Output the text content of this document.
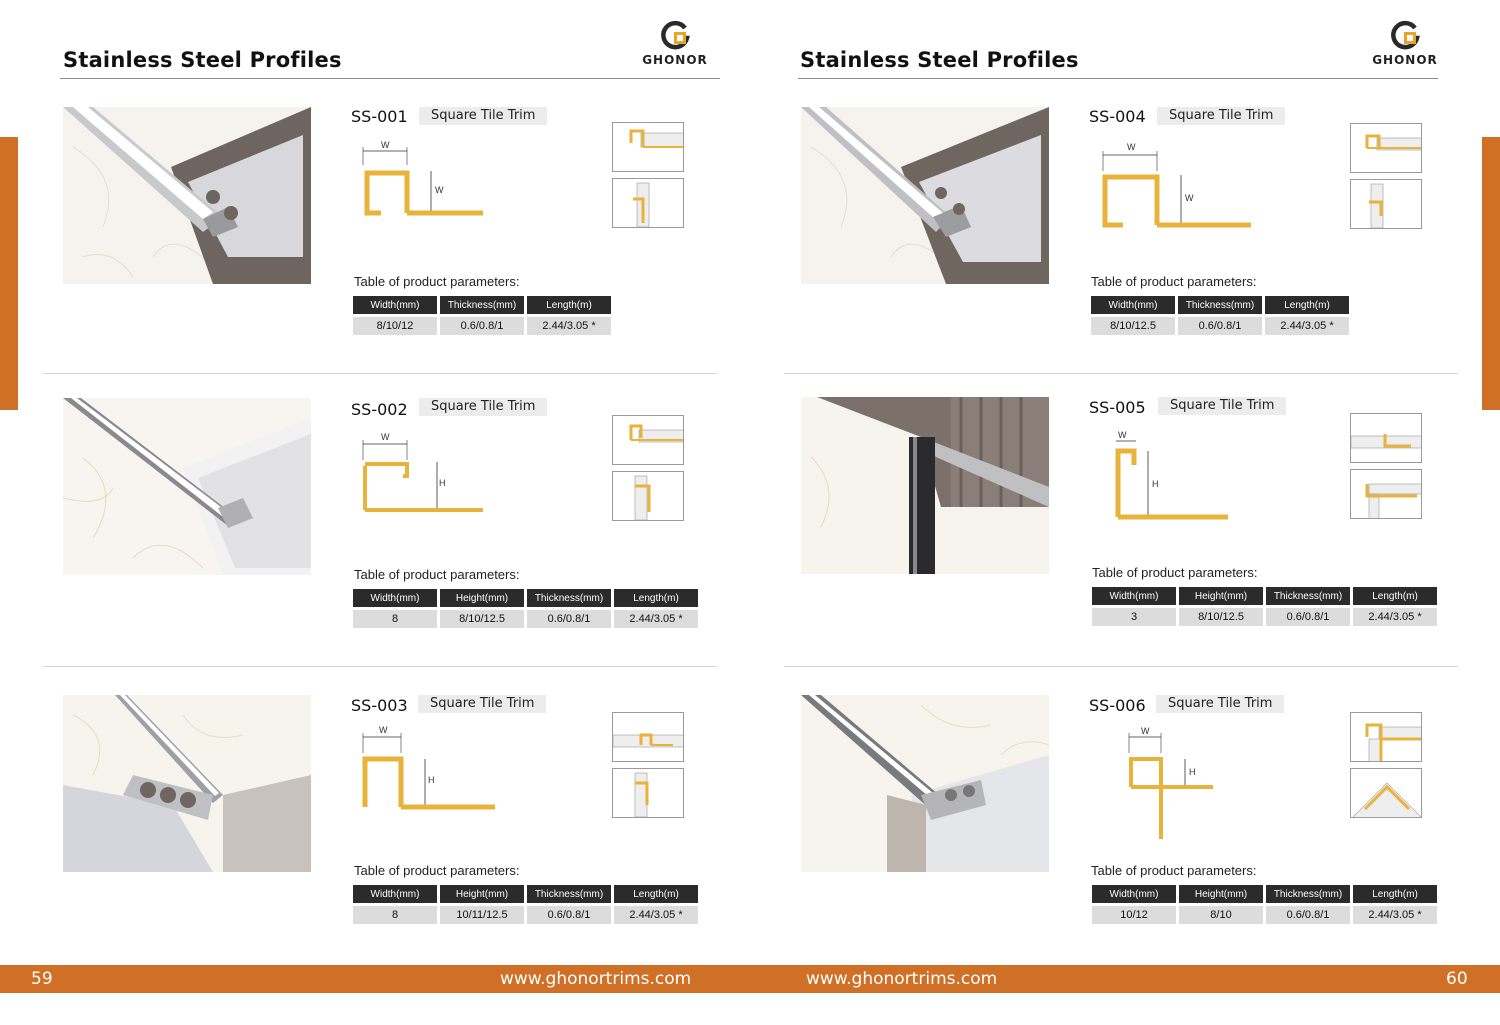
Stainless Steel Profiles	GHONOR
SS-001	Square Tile Trim
W
W
Table of product parameters:
Width(mm)	Thickness(mm)	Length(m)
8/10/12	0.6/0.8/1	2.44/3.05 *
SS-002	Square Tile Trim
W
H
Table of product parameters:
Width(mm)	Height(mm)	Thickness(mm)	Length(m)
8	8/10/12.5	0.6/0.8/1	2.44/3.05 *
SS-003	Square Tile Trim
W
H
Table of product parameters:
Width(mm)	Height(mm)	Thickness(mm)	Length(m)
8	10/11/12.5	0.6/0.8/1	2.44/3.05 *
Stainless Steel Profiles	GHONOR
SS-004	Square Tile Trim
W
W
Table of product parameters:
Width(mm)	Thickness(mm)	Length(m)
8/10/12.5	0.6/0.8/1	2.44/3.05 *
SS-005	Square Tile Trim
W
H
Table of product parameters:
Width(mm)	Height(mm)	Thickness(mm)	Length(m)
3	8/10/12.5	0.6/0.8/1	2.44/3.05 *
SS-006	Square Tile Trim
W
H
Table of product parameters:
Width(mm)	Height(mm)	Thickness(mm)	Length(m)
10/12	8/10	0.6/0.8/1	2.44/3.05 *
59	www.ghonortrims.com	www.ghonortrims.com	60
